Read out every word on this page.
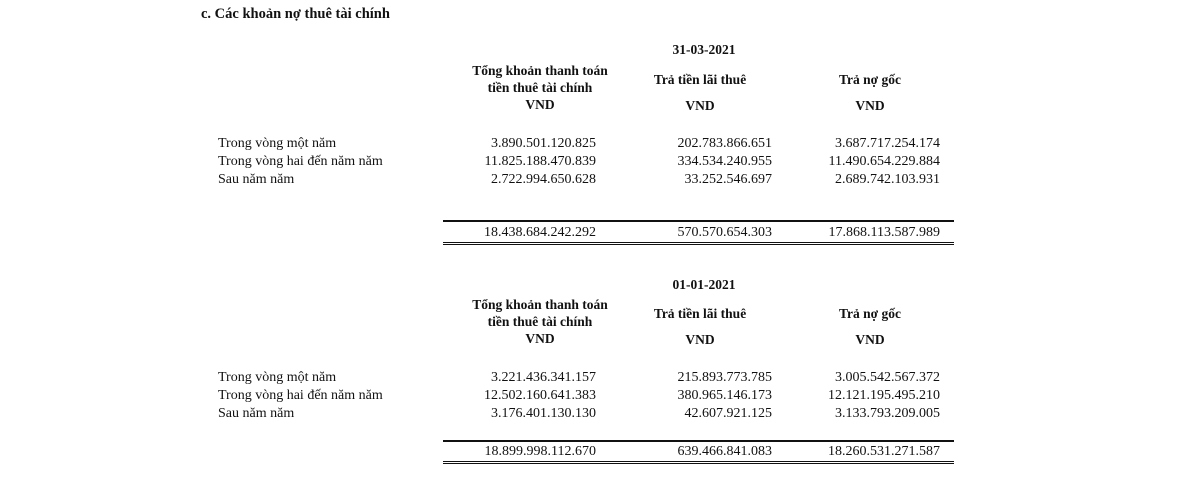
c. Các khoản nợ thuê tài chính
31-03-2021
Tổng khoản thanh toán
tiền thuê tài chính
VND
Trả tiền lãi thuê
VND
Trả nợ gốc
VND
Trong vòng một năm	3.890.501.120.825	202.783.866.651	3.687.717.254.174
Trong vòng hai đến năm năm	11.825.188.470.839	334.534.240.955	11.490.654.229.884
Sau năm năm	2.722.994.650.628	33.252.546.697	2.689.742.103.931
18.438.684.242.292	570.570.654.303	17.868.113.587.989
01-01-2021
Tổng khoản thanh toán
tiền thuê tài chính
VND
Trả tiền lãi thuê
VND
Trả nợ gốc
VND
Trong vòng một năm	3.221.436.341.157	215.893.773.785	3.005.542.567.372
Trong vòng hai đến năm năm	12.502.160.641.383	380.965.146.173	12.121.195.495.210
Sau năm năm	3.176.401.130.130	42.607.921.125	3.133.793.209.005
18.899.998.112.670	639.466.841.083	18.260.531.271.587
